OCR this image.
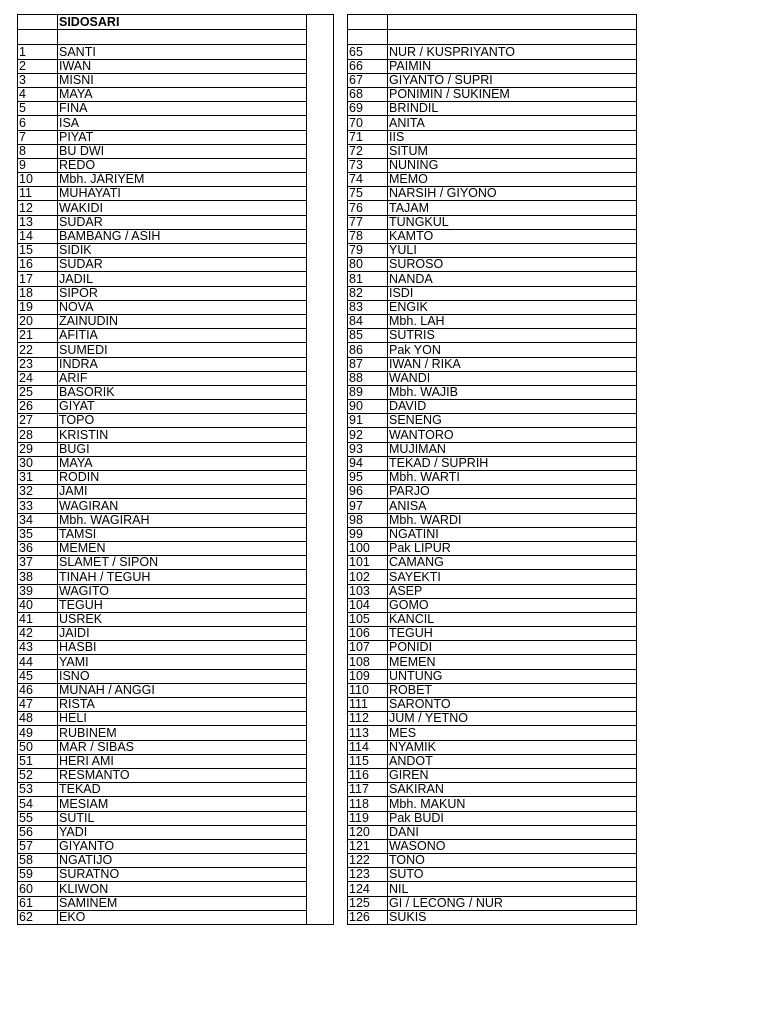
	SIDOSARI	

1	SANTI	
2	IWAN	
3	MISNI	
4	MAYA	
5	FINA	
6	ISA	
7	PIYAT	
8	BU DWI	
9	REDO	
10	Mbh. JARIYEM	
11	MUHAYATI	
12	WAKIDI	
13	SUDAR	
14	BAMBANG / ASIH	
15	SIDIK	
16	SUDAR	
17	JADIL	
18	SIPOR	
19	NOVA	
20	ZAINUDIN	
21	AFITIA	
22	SUMEDI	
23	INDRA	
24	ARIF	
25	BASORIK	
26	GIYAT	
27	TOPO	
28	KRISTIN	
29	BUGI	
30	MAYA	
31	RODIN	
32	JAMI	
33	WAGIRAN	
34	Mbh. WAGIRAH	
35	TAMSI	
36	MEMEN	
37	SLAMET / SIPON	
38	TINAH / TEGUH	
39	WAGITO	
40	TEGUH	
41	USREK	
42	JAIDI	
43	HASBI	
44	YAMI	
45	ISNO	
46	MUNAH / ANGGI	
47	RISTA	
48	HELI	
49	RUBINEM	
50	MAR / SIBAS	
51	HERI AMI	
52	RESMANTO	
53	TEKAD	
54	MESIAM	
55	SUTIL	
56	YADI	
57	GIYANTO	
58	NGATIJO	
59	SURATNO	
60	KLIWON	
61	SAMINEM	
62	EKO	

65	NUR / KUSPRIYANTO
66	PAIMIN
67	GIYANTO / SUPRI
68	PONIMIN / SUKINEM
69	BRINDIL
70	ANITA
71	IIS
72	SITUM
73	NUNING
74	MEMO
75	NARSIH / GIYONO
76	TAJAM
77	TUNGKUL
78	KAMTO
79	YULI
80	SUROSO
81	NANDA
82	ISDI
83	ENGIK
84	Mbh. LAH
85	SUTRIS
86	Pak YON
87	IWAN / RIKA
88	WANDI
89	Mbh. WAJIB
90	DAVID
91	SENENG
92	WANTORO
93	MUJIMAN
94	TEKAD / SUPRIH
95	Mbh. WARTI
96	PARJO
97	ANISA
98	Mbh. WARDI
99	NGATINI
100	Pak LIPUR
101	CAMANG
102	SAYEKTI
103	ASEP
104	GOMO
105	KANCIL
106	TEGUH
107	PONIDI
108	MEMEN
109	UNTUNG
110	ROBET
111	SARONTO
112	JUM / YETNO
113	MES
114	NYAMIK
115	ANDOT
116	GIREN
117	SAKIRAN
118	Mbh. MAKUN
119	Pak BUDI
120	DANI
121	WASONO
122	TONO
123	SUTO
124	NIL
125	GI / LECONG / NUR
126	SUKIS
